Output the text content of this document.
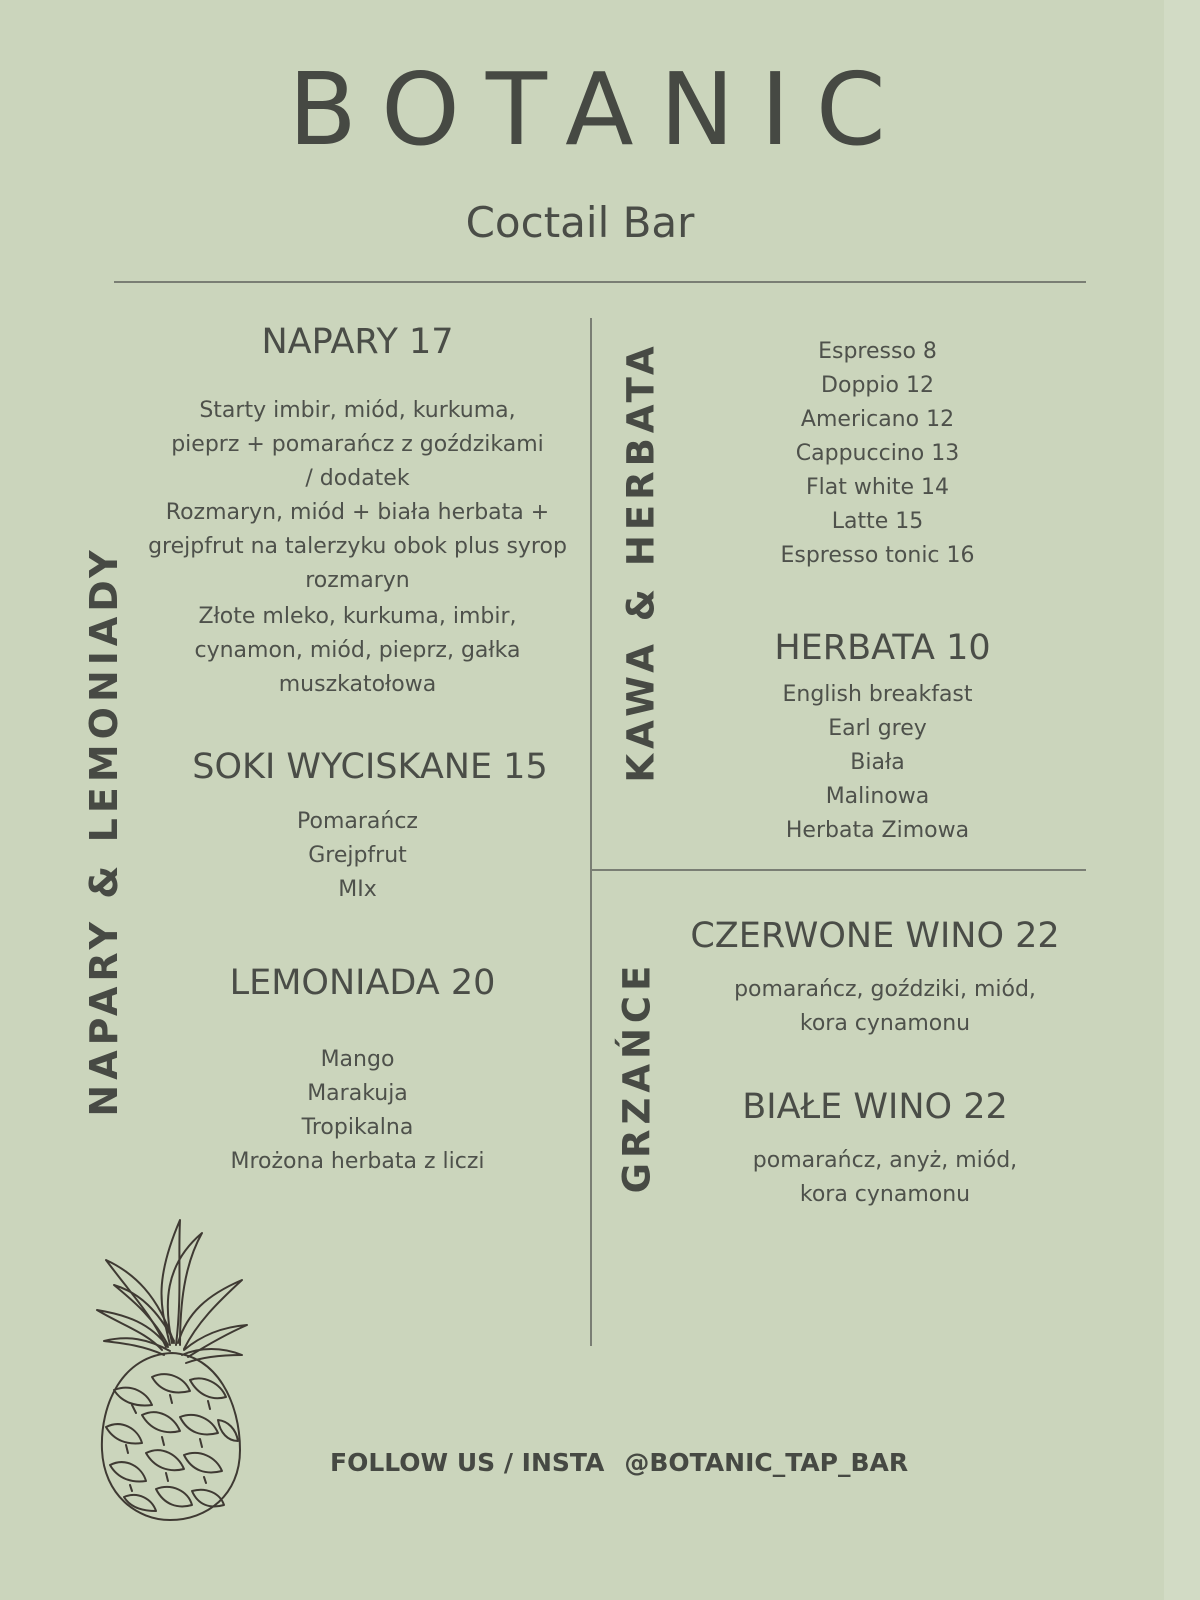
BOTANIC
Coctail Bar
NAPARY & LEMONIADY	KAWA & HERBATA
GRZAŃCE
NAPARY 17
Starty imbir, miód, kurkuma, pieprz + pomarańcz z goździkami / dodatek
Rozmaryn, miód + biała herbata + grejpfrut na talerzyku obok plus syrop rozmaryn
Złote mleko, kurkuma, imbir, cynamon, miód, pieprz, gałka muszkatołowa
SOKI WYCISKANE 15
Pomarańcz
Grejpfrut
MIx
LEMONIADA 20
Mango
Marakuja
Tropikalna
Mrożona herbata z liczi
Espresso 8
Doppio 12
Americano 12
Cappuccino 13
Flat white 14
Latte 15
Espresso tonic 16
HERBATA 10
English breakfast
Earl grey
Biała
Malinowa
Herbata Zimowa
CZERWONE WINO 22
pomarańcz, goździki, miód, kora cynamonu
BIAŁE WINO 22
pomarańcz, anyż, miód, kora cynamonu
FOLLOW US / INSTA @BOTANIC_TAP_BAR
